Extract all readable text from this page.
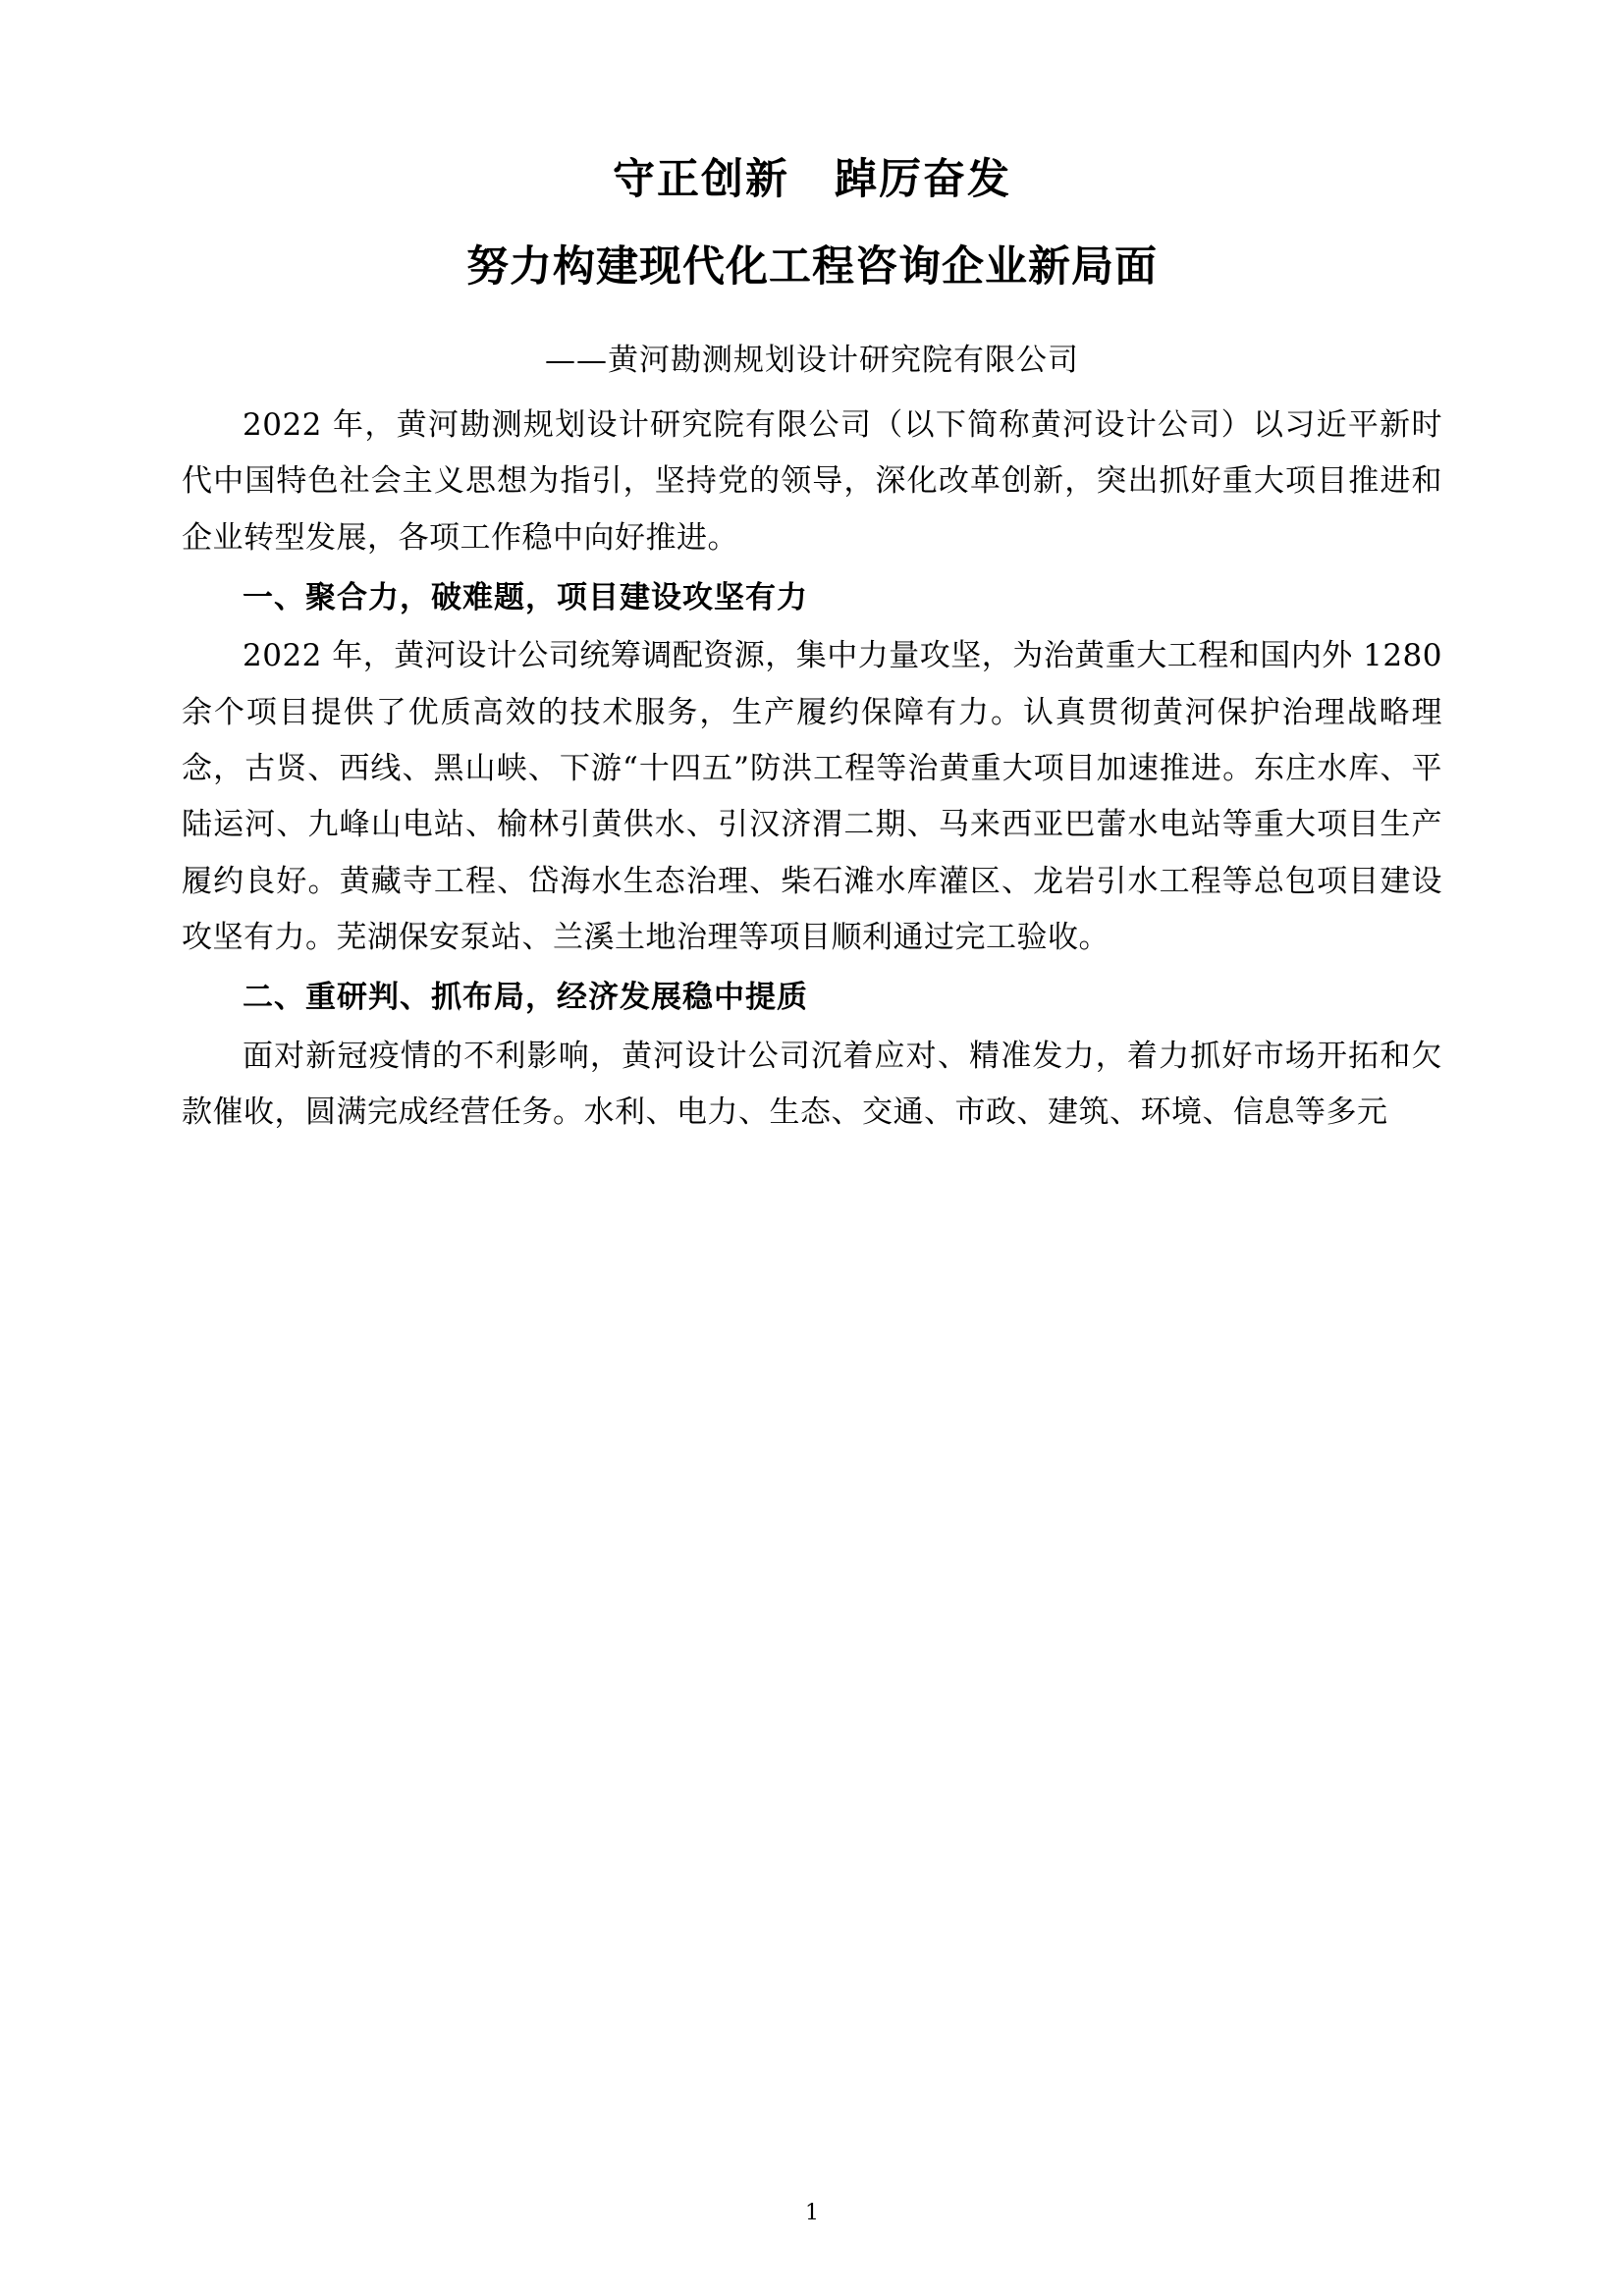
守正创新 踔厉奋发
努力构建现代化工程咨询企业新局面
——黄河勘测规划设计研究院有限公司

2022 年，黄河勘测规划设计研究院有限公司（以下简称黄河设计公司）以习近平新时代中国特色社会主义思想为指引，坚持党的领导，深化改革创新，突出抓好重大项目推进和企业转型发展，各项工作稳中向好推进。

一、聚合力，破难题，项目建设攻坚有力

2022 年，黄河设计公司统筹调配资源，集中力量攻坚，为治黄重大工程和国内外 1280 余个项目提供了优质高效的技术服务，生产履约保障有力。认真贯彻黄河保护治理战略理念，古贤、西线、黑山峡、下游“十四五”防洪工程等治黄重大项目加速推进。东庄水库、平陆运河、九峰山电站、榆林引黄供水、引汉济渭二期、马来西亚巴蕾水电站等重大项目生产履约良好。黄藏寺工程、岱海水生态治理、柴石滩水库灌区、龙岩引水工程等总包项目建设攻坚有力。芜湖保安泵站、兰溪土地治理等项目顺利通过完工验收。

二、重研判、抓布局，经济发展稳中提质

面对新冠疫情的不利影响，黄河设计公司沉着应对、精准发力，着力抓好市场开拓和欠款催收，圆满完成经营任务。水利、电力、生态、交通、市政、建筑、环境、信息等多元

1
